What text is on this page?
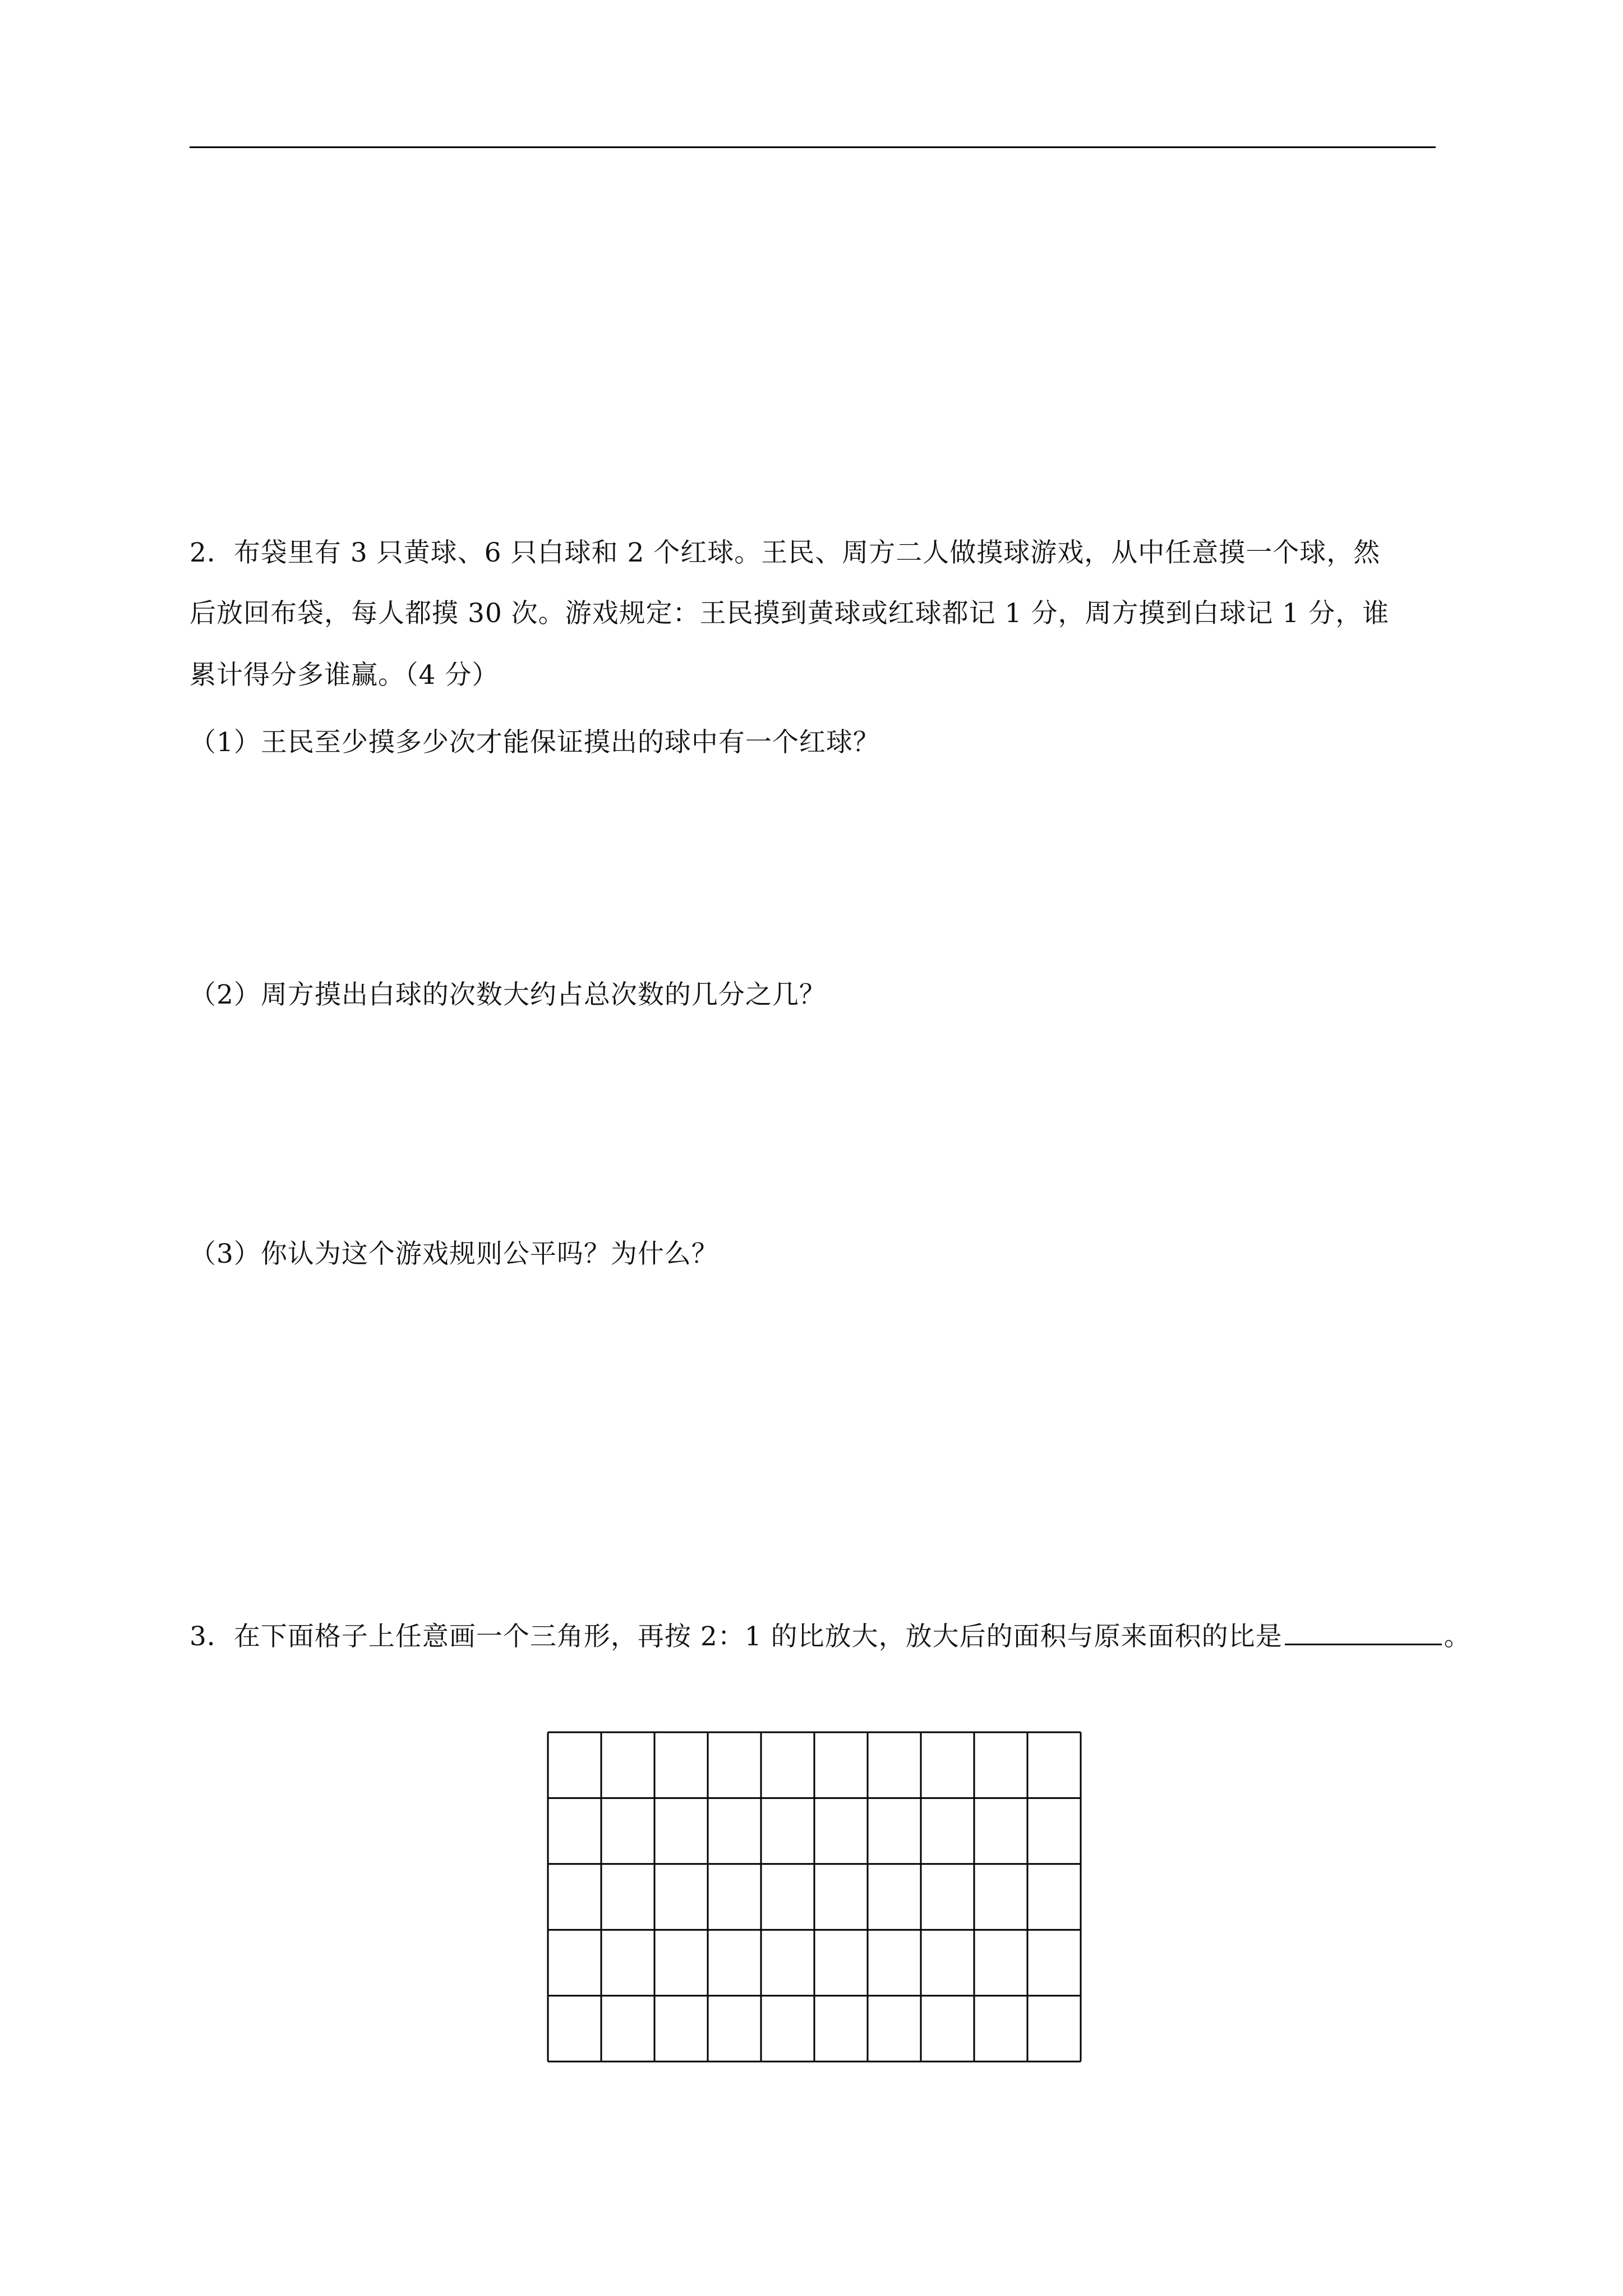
2．布袋里有 3 只黄球、6 只白球和 2 个红球。王民、周方二人做摸球游戏，从中任意摸一个球，然
后放回布袋，每人都摸 30 次。游戏规定：王民摸到黄球或红球都记 1 分，周方摸到白球记 1 分，谁
累计得分多谁赢。（4 分）
（1）王民至少摸多少次才能保证摸出的球中有一个红球？
（2）周方摸出白球的次数大约占总次数的几分之几？
（3）你认为这个游戏规则公平吗？为什么？
3．在下面格子上任意画一个三角形，再按 2：1 的比放大，放大后的面积与原来面积的比是	。
